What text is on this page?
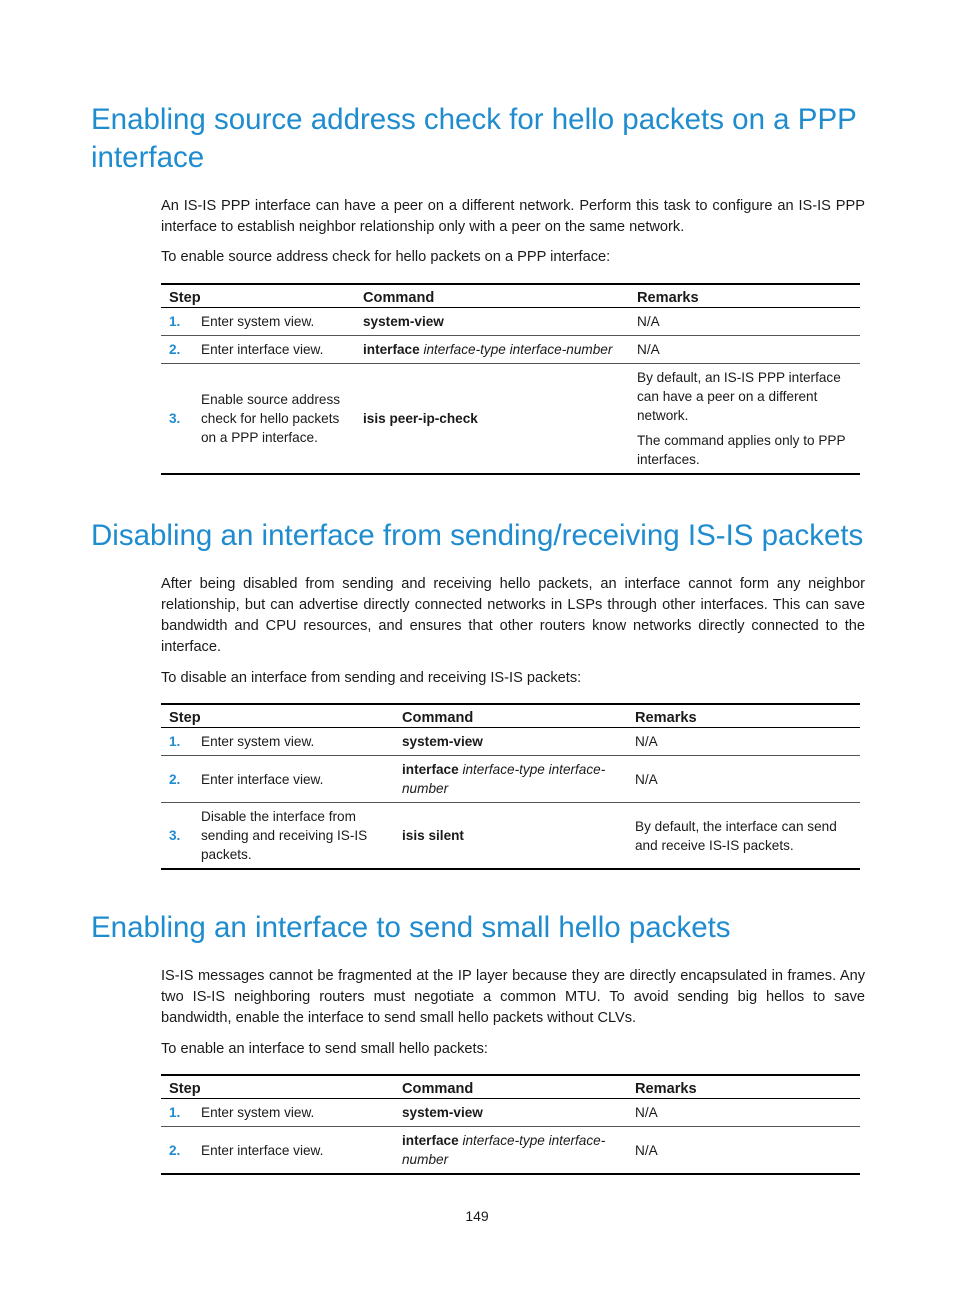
Enabling source address check for hello packets on a PPP interface

An IS-IS PPP interface can have a peer on a different network. Perform this task to configure an IS-IS PPP interface to establish neighbor relationship only with a peer on the same network.

To enable source address check for hello packets on a PPP interface:

Step		Command	Remarks
1.	Enter system view.	system-view	N/A

2.	Enter interface view.	interface interface-type interface-number	N/A

3.	Enable source address check for hello packets on a PPP interface.	isis peer-ip-check	By default, an IS-IS PPP interface can have a peer on a different network.
The command applies only to PPP interfaces.
Disabling an interface from sending/receiving IS-IS packets

After being disabled from sending and receiving hello packets, an interface cannot form any neighbor relationship, but can advertise directly connected networks in LSPs through other interfaces. This can save bandwidth and CPU resources, and ensures that other routers know networks directly connected to the interface.

To disable an interface from sending and receiving IS-IS packets:

Step		Command	Remarks
1.	Enter system view.	system-view	N/A

2.	Enter interface view.	interface interface-type interface-number	N/A

3.	Disable the interface from sending and receiving IS-IS packets.	isis silent	By default, the interface can send and receive IS-IS packets.
Enabling an interface to send small hello packets

IS-IS messages cannot be fragmented at the IP layer because they are directly encapsulated in frames. Any two IS-IS neighboring routers must negotiate a common MTU. To avoid sending big hellos to save bandwidth, enable the interface to send small hello packets without CLVs.

To enable an interface to send small hello packets:

Step		Command	Remarks
1.	Enter system view.	system-view	N/A

2.	Enter interface view.	interface interface-type interface-number	N/A
149
